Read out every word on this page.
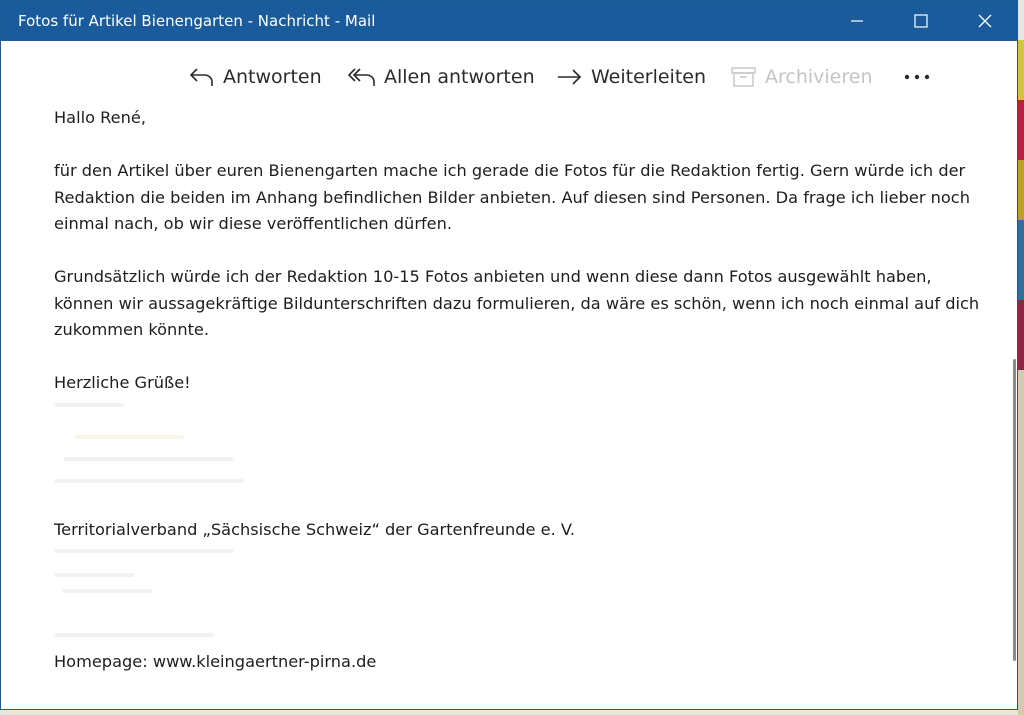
Fotos für Artikel Bienengarten - Nachricht - Mail
Antworten	Allen antworten	Weiterleiten	Archivieren

Hallo René,

für den Artikel über euren Bienengarten mache ich gerade die Fotos für die Redaktion fertig. Gern würde ich der Redaktion die beiden im Anhang befindlichen Bilder anbieten. Auf diesen sind Personen. Da frage ich lieber noch einmal nach, ob wir diese veröffentlichen dürfen.

Grundsätzlich würde ich der Redaktion 10-15 Fotos anbieten und wenn diese dann Fotos ausgewählt haben, können wir aussagekräftige Bildunterschriften dazu formulieren, da wäre es schön, wenn ich noch einmal auf dich zukommen könnte.

Herzliche Grüße!

Territorialverband „Sächsische Schweiz“ der Gartenfreunde e. V.

Homepage: www.kleingaertner-pirna.de
